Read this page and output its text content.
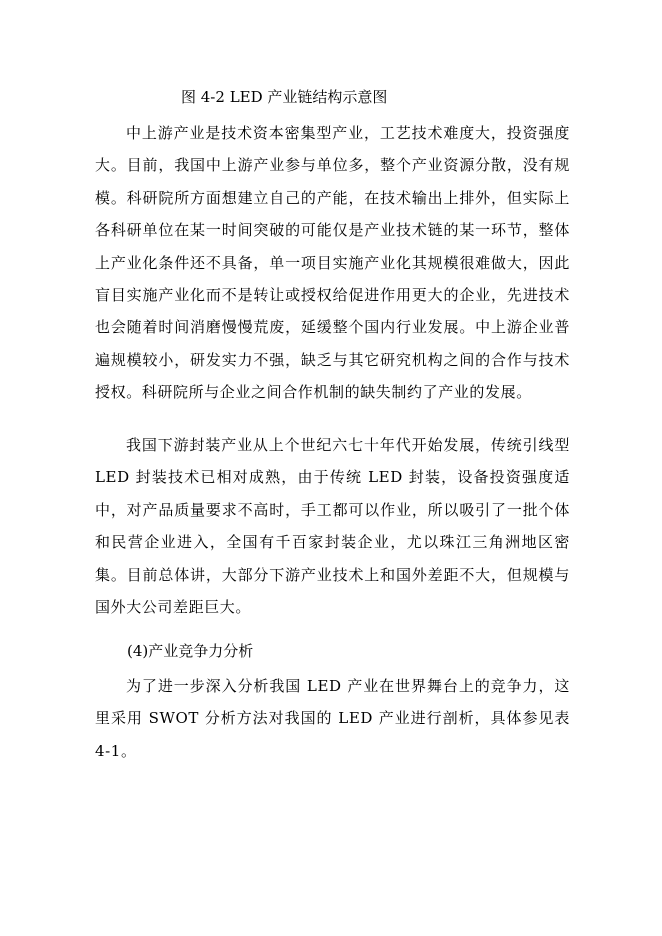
图 4-2 LED 产业链结构示意图

中上游产业是技术资本密集型产业，工艺技术难度大，投资强度大。目前，我国中上游产业参与单位多，整个产业资源分散，没有规模。科研院所方面想建立自己的产能，在技术输出上排外，但实际上各科研单位在某一时间突破的可能仅是产业技术链的某一环节，整体上产业化条件还不具备，单一项目实施产业化其规模很难做大，因此盲目实施产业化而不是转让或授权给促进作用更大的企业，先进技术也会随着时间消磨慢慢荒废，延缓整个国内行业发展。中上游企业普遍规模较小，研发实力不强，缺乏与其它研究机构之间的合作与技术授权。科研院所与企业之间合作机制的缺失制约了产业的发展。

我国下游封装产业从上个世纪六七十年代开始发展，传统引线型 LED 封装技术已相对成熟，由于传统 LED 封装，设备投资强度适中，对产品质量要求不高时，手工都可以作业，所以吸引了一批个体和民营企业进入，全国有千百家封装企业，尤以珠江三角洲地区密集。目前总体讲，大部分下游产业技术上和国外差距不大，但规模与国外大公司差距巨大。

(4)产业竞争力分析

为了进一步深入分析我国 LED 产业在世界舞台上的竞争力，这里采用 SWOT 分析方法对我国的 LED 产业进行剖析，具体参见表 4-1。
